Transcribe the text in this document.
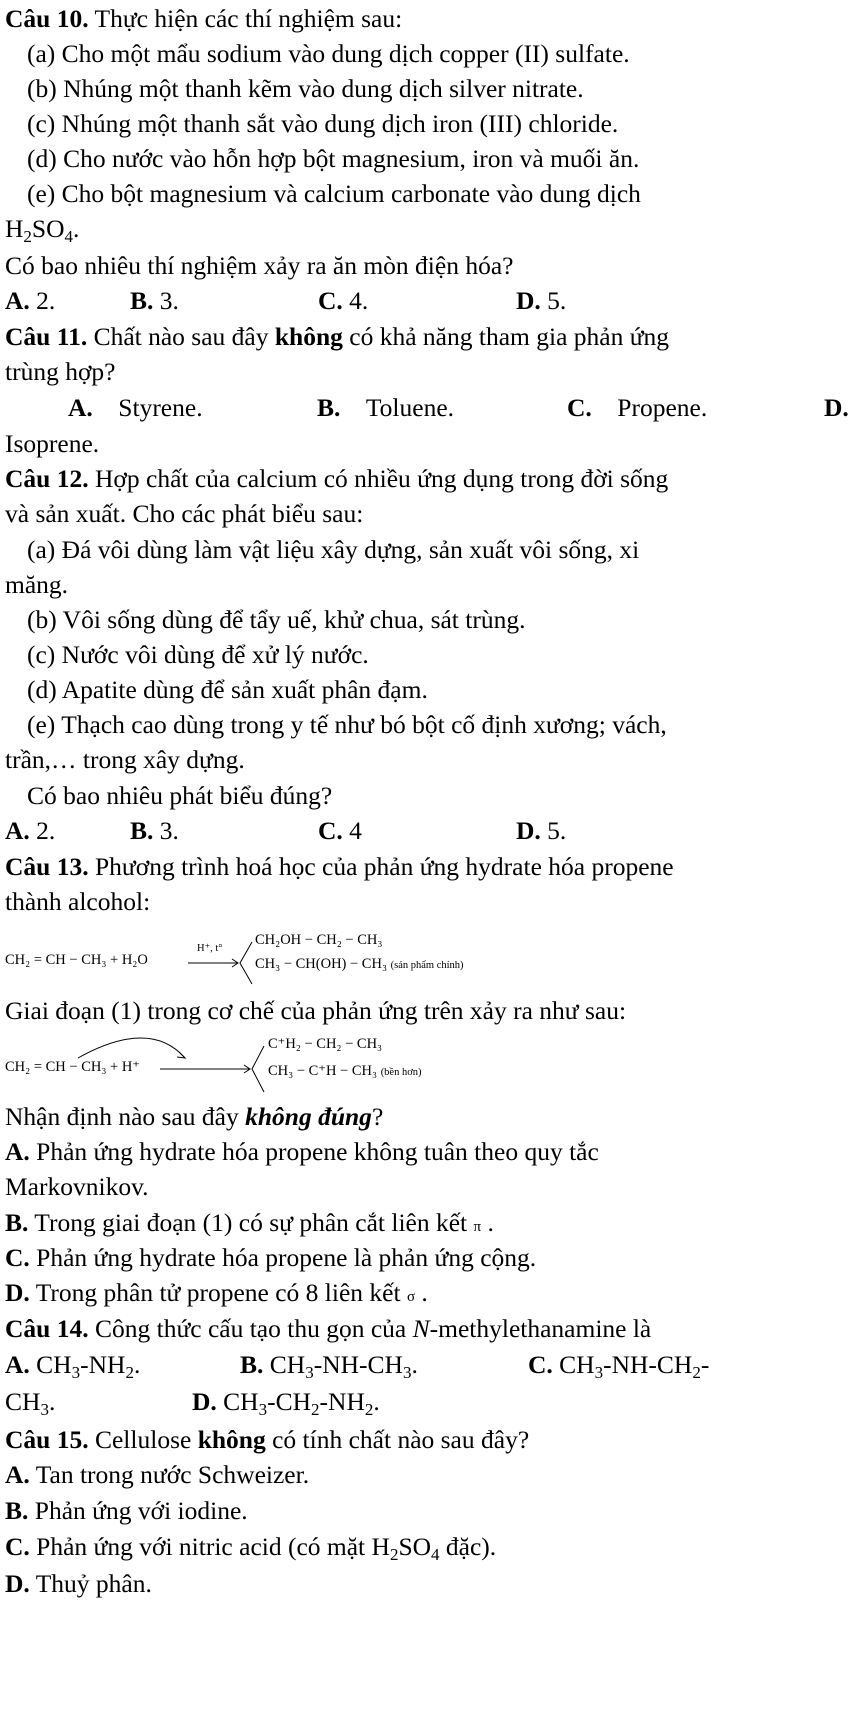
Câu 10. Thực hiện các thí nghiệm sau:
(a) Cho một mẩu sodium vào dung dịch copper (II) sulfate.
(b) Nhúng một thanh kẽm vào dung dịch silver nitrate.
(c) Nhúng một thanh sắt vào dung dịch iron (III) chloride.
(d) Cho nước vào hỗn hợp bột magnesium, iron và muối ăn.
(e) Cho bột magnesium và calcium carbonate vào dung dịch
$H_2SO_4$.
Có bao nhiêu thí nghiệm xảy ra ăn mòn điện hóa?
A. 2.	B. 3.	C. 4.	D. 5.
Câu 11. Chất nào sau đây không có khả năng tham gia phản ứng
trùng hợp?
A. Styrene.	B. Toluene.	C. Propene.	D.
Isoprene.
Câu 12. Hợp chất của calcium có nhiều ứng dụng trong đời sống
và sản xuất. Cho các phát biểu sau:
(a) Đá vôi dùng làm vật liệu xây dựng, sản xuất vôi sống, xi
măng.
(b) Vôi sống dùng để tẩy uế, khử chua, sát trùng.
(c) Nước vôi dùng để xử lý nước.
(d) Apatite dùng để sản xuất phân đạm.
(e) Thạch cao dùng trong y tế như bó bột cố định xương; vách,
trần,… trong xây dựng.
Có bao nhiêu phát biểu đúng?
A. 2.	B. 3.	C. 4	D. 5.
Câu 13. Phương trình hoá học của phản ứng hydrate hóa propene
thành alcohol:
CH₂ = CH − CH₃ + H₂O
H⁺, t°
CH₂OH − CH₂ − CH₃
CH₃ − CH(OH) − CH₃ (sản phẩm chính)
Giai đoạn (1) trong cơ chế của phản ứng trên xảy ra như sau:
CH₂ = CH − CH₃ + H⁺
C⁺H₂ − CH₂ − CH₃
CH₃ − C⁺H − CH₃ (bền hơn)
Nhận định nào sau đây không đúng?
A. Phản ứng hydrate hóa propene không tuân theo quy tắc
Markovnikov.
B. Trong giai đoạn (1) có sự phân cắt liên kết π .
C. Phản ứng hydrate hóa propene là phản ứng cộng.
D. Trong phân tử propene có 8 liên kết σ .
Câu 14. Công thức cấu tạo thu gọn của N-methylethanamine là
A. $CH_3-NH_2$.	B. $CH_3-NH-CH_3$.	C. $CH_3-NH-CH_2-$
$CH_3$.	D. $CH_3-CH_2-NH_2$.
Câu 15. Cellulose không có tính chất nào sau đây?
A. Tan trong nước Schweizer.
B. Phản ứng với iodine.
C. Phản ứng với nitric acid (có mặt $H_2SO_4$ đặc).
D. Thuỷ phân.
